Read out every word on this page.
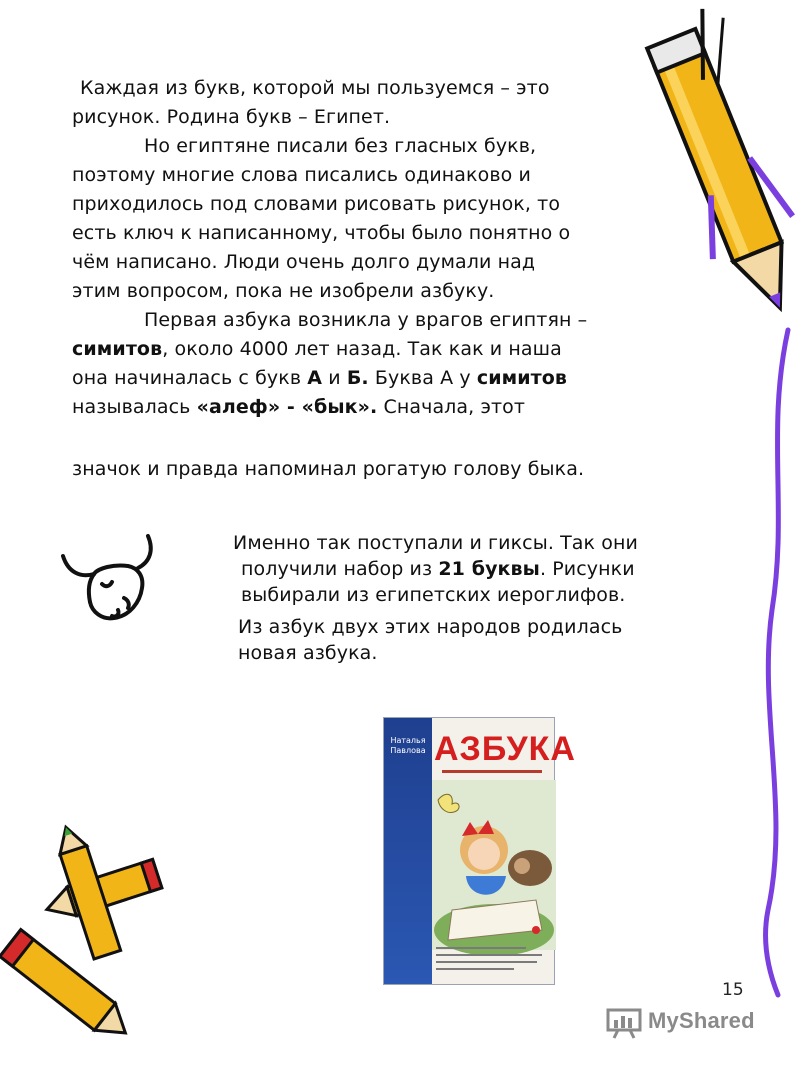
Каждая из букв, которой мы пользуемся – это
рисунок. Родина букв – Египет.
Но египтяне писали без гласных букв,
поэтому многие слова писались одинаково и
приходилось под словами рисовать рисунок, то
есть ключ к написанному, чтобы было понятно о
чём написано. Люди очень долго думали над
этим вопросом, пока не изобрели азбуку.
Первая азбука возникла у врагов египтян –
симитов, около 4000 лет назад. Так как и наша
она начиналась с букв А и Б. Буква А у симитов
называлась «алеф» - «бык». Сначала, этот
значок и правда напоминал рогатую голову быка.
Именно так поступали и гиксы. Так они
получили набор из 21 буквы. Рисунки
выбирали из египетских иероглифов.
Из азбук двух этих народов родилась
новая азбука.
Наталья Павлова АЗБУКА
15
MyShared
